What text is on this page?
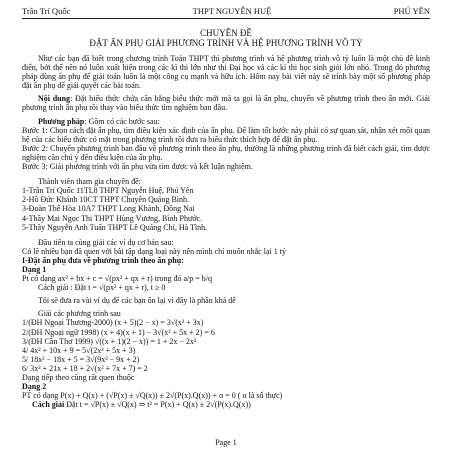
Trần Trí Quốc	THPT NGUYỄN HUỆ	PHÚ YÊN
CHUYÊN ĐỀ
ĐẶT ẨN PHỤ GIẢI PHƯƠNG TRÌNH VÀ HỆ PHƯƠNG TRÌNH VÔ TỶ
Như các bạn đã biết trong chương trình Toán THPT thì phương trình và hệ phương trình vô tỷ luôn là một chủ đề kinh điển, bởi thế nên nó luôn xuất hiện trong các kì thi lớn như thi Đại học và các kì thi học sinh giỏi lớn nhỏ. Trong đó phương pháp dùng ẩn phụ để giải toán luôn là một công cụ mạnh và hữu ích. Hôm nay bài viết này sẽ trình bày một số phương pháp đặt ẩn phụ để giải quyết các bài toán.
Nội dung: Đặt biểu thức chứa căn bằng biểu thức mới mà ta gọi là ẩn phụ, chuyển về phương trình theo ẩn mới. Giải phương trình ẩn phụ rồi thay vào biểu thức tìm nghiệm ban đầu.
Phương pháp: Gồm có các bước sau:
Bước 1: Chọn cách đặt ẩn phụ, tìm điều kiện xác định của ẩn phụ. Để làm tốt bước này phải có sự quan sát, nhận xét mối quan hệ của các biểu thức có mặt trong phương trình rồi đưa ra biểu thức thích hợp để đặt ẩn phụ.
Bước 2: Chuyển phương trình ban đầu về phương trình theo ẩn phụ, thường là những phương trình đã biết cách giải, tìm được nghiệm cần chú ý đến điều kiện của ẩn phụ.
Bước 3: Giải phương trình với ẩn phụ vừa tìm được và kết luận nghiệm.
Thành viên tham gia chuyên đề:
1-Trần Trí Quốc 11TL8 THPT Nguyễn Huệ, Phú Yên
2-Hồ Đức Khánh 10CT THPT Chuyên Quảng Bình.
3-Đoàn Thế Hòa 10A7 THPT Long Khánh, Đồng Nai
4-Thầy Mai Ngọc Thi THPT Hùng Vương, Bình Phước.
5-Thầy Nguyễn Anh Tuấn THPT Lê Quảng Chí, Hà Tĩnh.
Đầu tiên ta cùng giải các ví dụ cơ bản sau:
Có lẽ nhiều bạn đã quen với bài tập dạng loại này nên mình chỉ muốn nhắc lại 1 tý
I-Đặt ẩn phụ đưa về phương trình theo ẩn phụ:
Dạng 1
Pt có dạng ax² + bx + c = √(px² + qx + r) trong đó a/p = b/q
Cách giải : Đặt t = √(px² + qx + r), t ≥ 0
Tôi sẽ đưa ra vài ví dụ để các bạn ôn lại vì đây là phần khá dễ
Giải các phương trình sau
1/(ĐH Ngoại Thương-2000) (x + 5)(2 − x) = 3√(x² + 3x)
2/(ĐH Ngoại ngữ 1998) (x + 4)(x + 1) − 3√(x² + 5x + 2) = 6
3/(ĐH Cần Thơ 1999) √((x + 1)(2 − x)) = 1 + 2x − 2x²
4/ 4x² + 10x + 9 = 5√(2x² + 5x + 3)
5/ 18x² − 18x + 5 = 3√(9x² − 9x + 2)
6/ 3x² + 21x + 18 + 2√(x² + 7x + 7) = 2
Dạng tiếp theo cũng rất quen thuộc
Dạng 2
PT có dạng P(x) + Q(x) + (√P(x) ± √Q(x)) ± 2√(P(x).Q(x)) + α = 0 ( α là số thực)
Cách giải Đặt t = √P(x) ± √Q(x) ⇒ t² = P(x) + Q(x) ± 2√(P(x).Q(x))
Page 1
